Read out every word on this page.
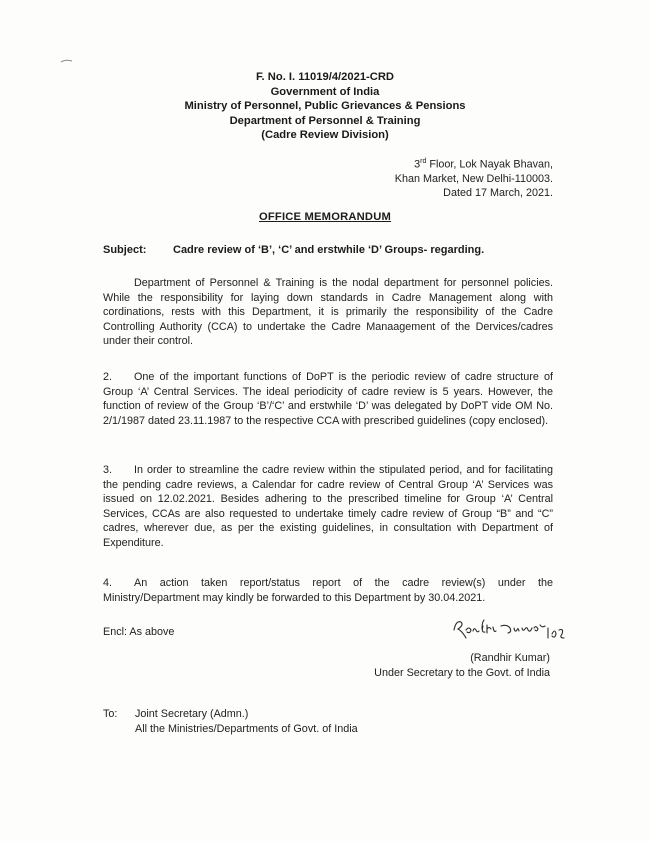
F. No. I. 11019/4/2021-CRD
Government of India
Ministry of Personnel, Public Grievances & Pensions
Department of Personnel & Training
(Cadre Review Division)
3rd Floor, Lok Nayak Bhavan,
Khan Market, New Delhi-110003.
Dated 17 March, 2021.
OFFICE MEMORANDUM
Subject: Cadre review of ‘B’, ‘C’ and erstwhile ‘D’ Groups- regarding.
Department of Personnel & Training is the nodal department for personnel policies. While the responsibility for laying down standards in Cadre Management along with cordinations, rests with this Department, it is primarily the responsibility of the Cadre Controlling Authority (CCA) to undertake the Cadre Manaagement of the Dervices/cadres under their control.
2. One of the important functions of DoPT is the periodic review of cadre structure of Group ‘A’ Central Services. The ideal periodicity of cadre review is 5 years. However, the function of review of the Group ‘B’/‘C’ and erstwhile ‘D’ was delegated by DoPT vide OM No. 2/1/1987 dated 23.11.1987 to the respective CCA with prescribed guidelines (copy enclosed).
3. In order to streamline the cadre review within the stipulated period, and for facilitating the pending cadre reviews, a Calendar for cadre review of Central Group ‘A’ Services was issued on 12.02.2021. Besides adhering to the prescribed timeline for Group ‘A’ Central Services, CCAs are also requested to undertake timely cadre review of Group “B” and “C” cadres, wherever due, as per the existing guidelines, in consultation with Department of Expenditure.
4. An action taken report/status report of the cadre review(s) under the Ministry/Department may kindly be forwarded to this Department by 30.04.2021.
Encl: As above
(Randhir Kumar)
Under Secretary to the Govt. of India
To: Joint Secretary (Admn.)
All the Ministries/Departments of Govt. of India
